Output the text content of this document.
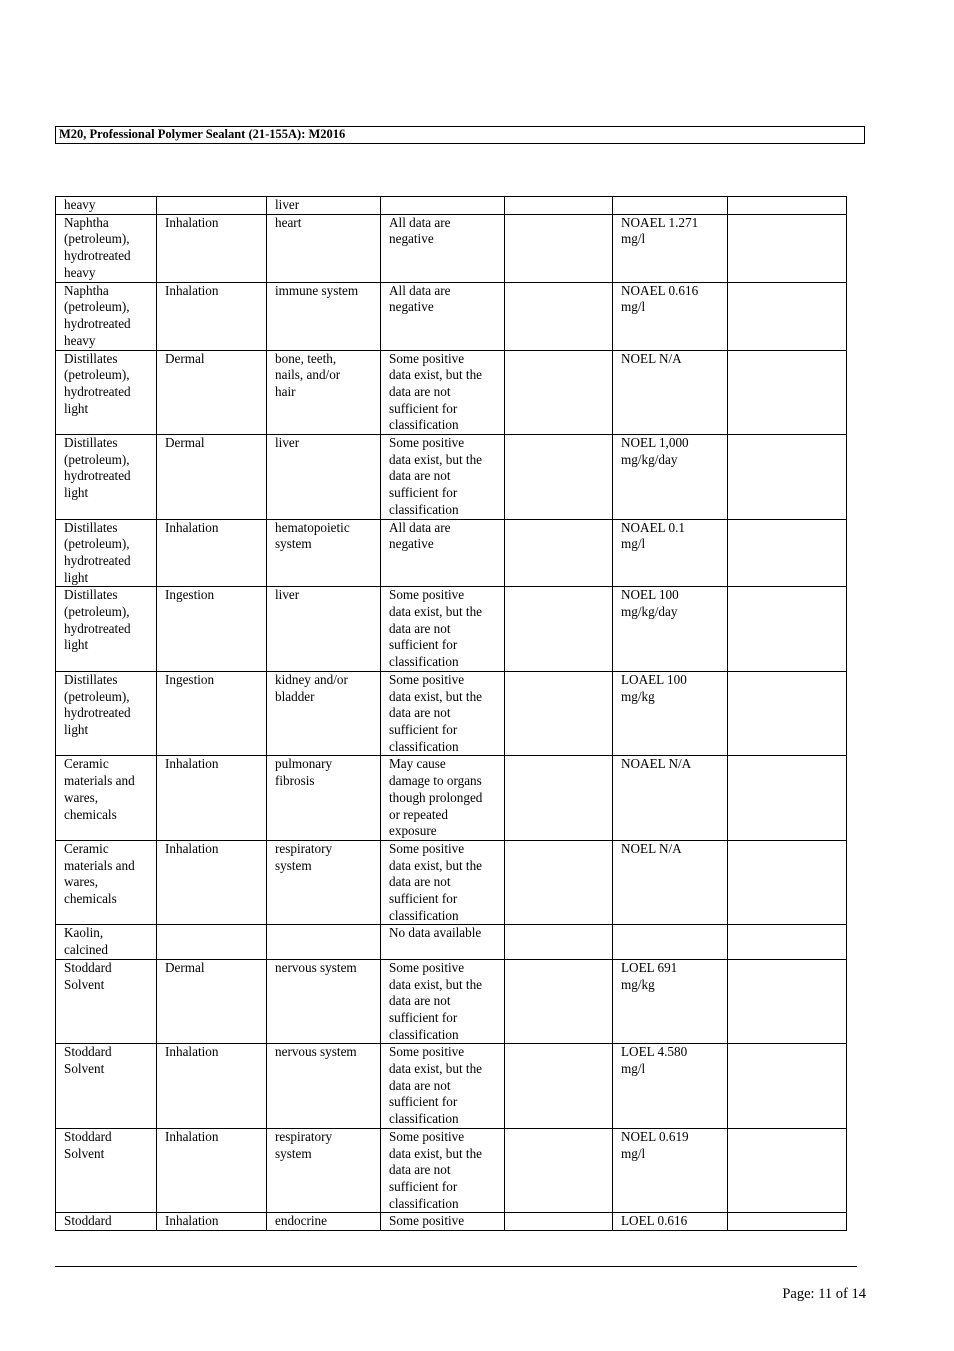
M20, Professional Polymer Sealant (21-155A): M2016
heavy		liver				
Naphtha
(petroleum),
hydrotreated
heavy	Inhalation	heart	All data are
negative		NOAEL 1.271
mg/l	
Naphtha
(petroleum),
hydrotreated
heavy	Inhalation	immune system	All data are
negative		NOAEL 0.616
mg/l	
Distillates
(petroleum),
hydrotreated
light	Dermal	bone, teeth,
nails, and/or
hair	Some positive
data exist, but the
data are not
sufficient for
classification		NOEL N/A	
Distillates
(petroleum),
hydrotreated
light	Dermal	liver	Some positive
data exist, but the
data are not
sufficient for
classification		NOEL 1,000
mg/kg/day	
Distillates
(petroleum),
hydrotreated
light	Inhalation	hematopoietic
system	All data are
negative		NOAEL 0.1
mg/l	
Distillates
(petroleum),
hydrotreated
light	Ingestion	liver	Some positive
data exist, but the
data are not
sufficient for
classification		NOEL 100
mg/kg/day	
Distillates
(petroleum),
hydrotreated
light	Ingestion	kidney and/or
bladder	Some positive
data exist, but the
data are not
sufficient for
classification		LOAEL 100
mg/kg	
Ceramic
materials and
wares,
chemicals	Inhalation	pulmonary
fibrosis	May cause
damage to organs
though prolonged
or repeated
exposure		NOAEL N/A	
Ceramic
materials and
wares,
chemicals	Inhalation	respiratory
system	Some positive
data exist, but the
data are not
sufficient for
classification		NOEL N/A	
Kaolin,
calcined			No data available			
Stoddard
Solvent	Dermal	nervous system	Some positive
data exist, but the
data are not
sufficient for
classification		LOEL 691
mg/kg	
Stoddard
Solvent	Inhalation	nervous system	Some positive
data exist, but the
data are not
sufficient for
classification		LOEL 4.580
mg/l	
Stoddard
Solvent	Inhalation	respiratory
system	Some positive
data exist, but the
data are not
sufficient for
classification		NOEL 0.619
mg/l	
Stoddard	Inhalation	endocrine	Some positive		LOEL 0.616	
Page: 11 of 14
